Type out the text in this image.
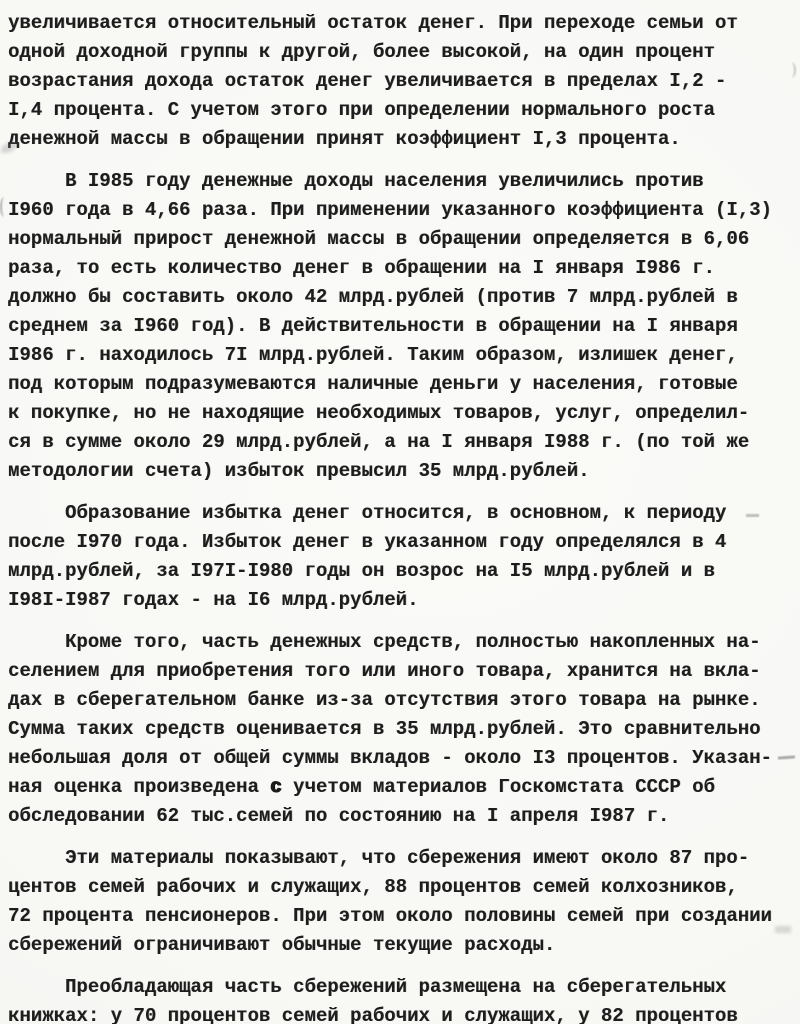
увеличивается относительный остаток денег. При переходе семьи от
одной доходной группы к другой, более высокой, на один процент
возрастания дохода остаток денег увеличивается в пределах I,2 -
I,4 процента. С учетом этого при определении нормального роста
денежной массы в обращении принят коэффициент I,3 процента.
В I985 году денежные доходы населения увеличились против
I960 года в 4,66 раза. При применении указанного коэффициента (I,3)
нормальный прирост денежной массы в обращении определяется в 6,06
раза, то есть количество денег в обращении на I января I986 г.
должно бы составить около 42 млрд.рублей (против 7 млрд.рублей в
среднем за I960 год). В действительности в обращении на I января
I986 г. находилось 7I млрд.рублей. Таким образом, излишек денег,
под которым подразумеваются наличные деньги у населения, готовые
к покупке, но не находящие необходимых товаров, услуг, определил-
ся в сумме около 29 млрд.рублей, а на I января I988 г. (по той же
методологии счета) избыток превысил 35 млрд.рублей.
Образование избытка денег относится, в основном, к периоду
после I970 года. Избыток денег в указанном году определялся в 4
млрд.рублей, за I97I-I980 годы он возрос на I5 млрд.рублей и в
I98I-I987 годах - на I6 млрд.рублей.
Кроме того, часть денежных средств, полностью накопленных на-
селением для приобретения того или иного товара, хранится на вкла-
дах в сберегательном банке из-за отсутствия этого товара на рынке.
Сумма таких средств оценивается в 35 млрд.рублей. Это сравнительно
небольшая доля от общей суммы вкладов - около I3 процентов. Указан-
ная оценка произведена с учетом материалов Госкомстата СССР об
обследовании 62 тыс.семей по состоянию на I апреля I987 г.
Эти материалы показывают, что сбережения имеют около 87 про-
центов семей рабочих и служащих, 88 процентов семей колхозников,
72 процента пенсионеров. При этом около половины семей при создании
сбережений ограничивают обычные текущие расходы.
Преобладающая часть сбережений размещена на сберегательных
книжках: у 70 процентов семей рабочих и служащих, у 82 процентов
